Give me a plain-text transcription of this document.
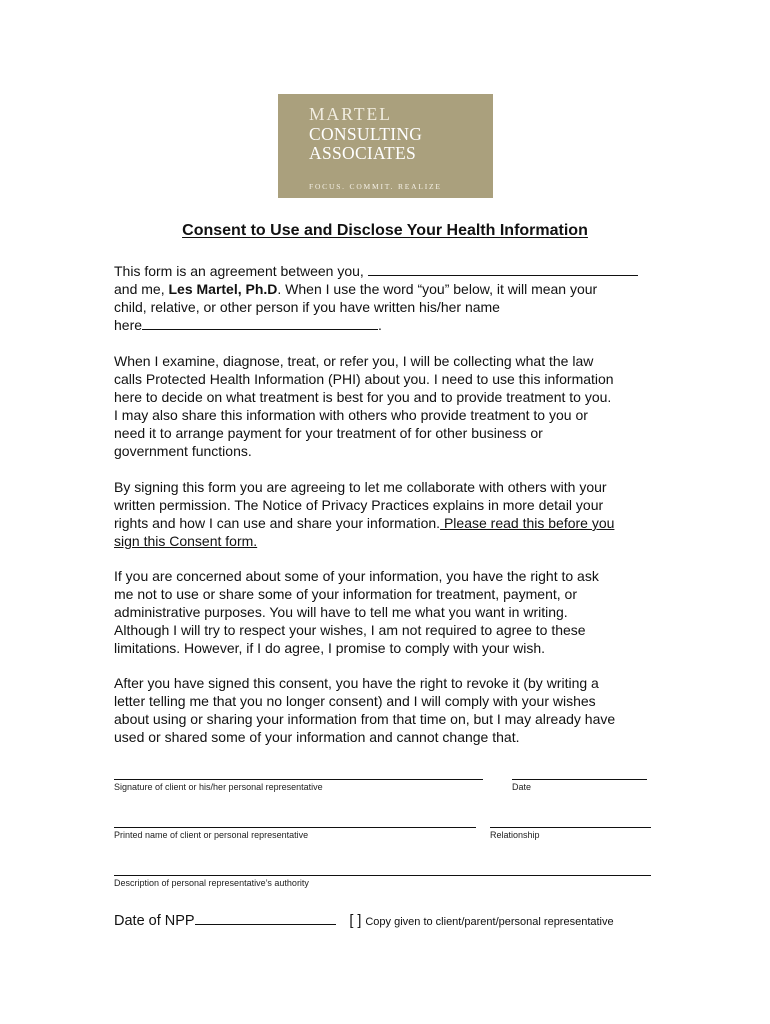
MARTEL
CONSULTING
ASSOCIATES
FOCUS. COMMIT. REALIZE
Consent to Use and Disclose Your Health Information

This form is an agreement between you,

and me, Les Martel, Ph.D. When I use the word “you” below, it will mean your

child, relative, or other person if you have written his/her name

here	.

When I examine, diagnose, treat, or refer you, I will be collecting what the law

calls Protected Health Information (PHI) about you. I need to use this information

here to decide on what treatment is best for you and to provide treatment to you.

I may also share this information with others who provide treatment to you or

need it to arrange payment for your treatment of for other business or

government functions.

By signing this form you are agreeing to let me collaborate with others with your

written permission. The Notice of Privacy Practices explains in more detail your

rights and how I can use and share your information. Please read this before you

sign this Consent form.

If you are concerned about some of your information, you have the right to ask

me not to use or share some of your information for treatment, payment, or

administrative purposes. You will have to tell me what you want in writing.

Although I will try to respect your wishes, I am not required to agree to these

limitations. However, if I do agree, I promise to comply with your wish.

After you have signed this consent, you have the right to revoke it (by writing a

letter telling me that you no longer consent) and I will comply with your wishes

about using or sharing your information from that time on, but I may already have

used or shared some of your information and cannot change that.

Signature of client or his/her personal representative	Date
Printed name of client or personal representative	Relationship
Description of personal representative’s authority
Date of NPP	[ ] Copy given to client/parent/personal representative
